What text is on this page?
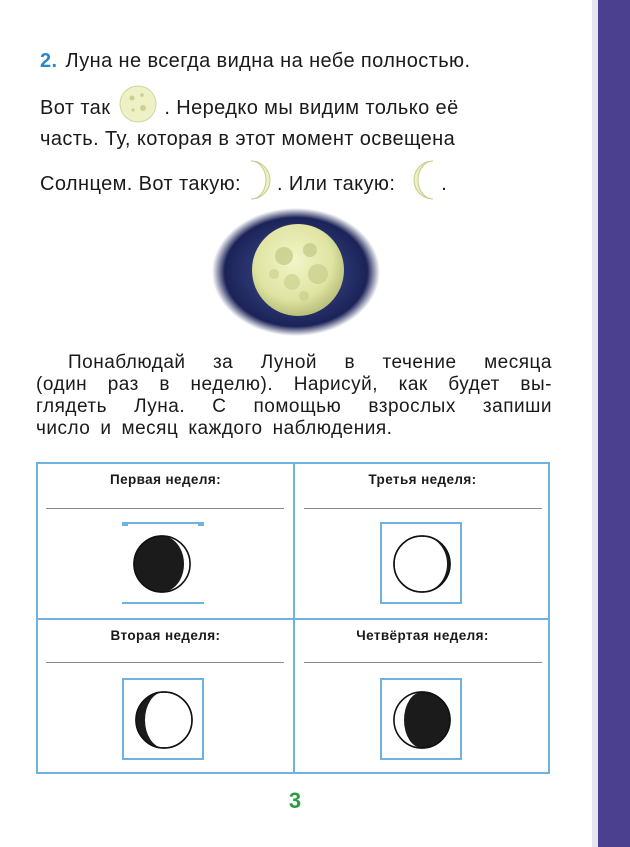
2. Луна не всегда видна на небе полностью.
Вот так	. Нередко мы видим только её
часть. Ту, которая в этот момент освещена
Солнцем. Вот такую: . Или такую: .
Понаблюдай за Луной в течение месяца
(один раз в неделю). Нарисуй, как будет вы-
глядеть Луна. С помощью взрослых запиши
число и месяц каждого наблюдения.
Первая неделя:	Третья неделя:
Вторая неделя:	Четвёртая неделя:
3
